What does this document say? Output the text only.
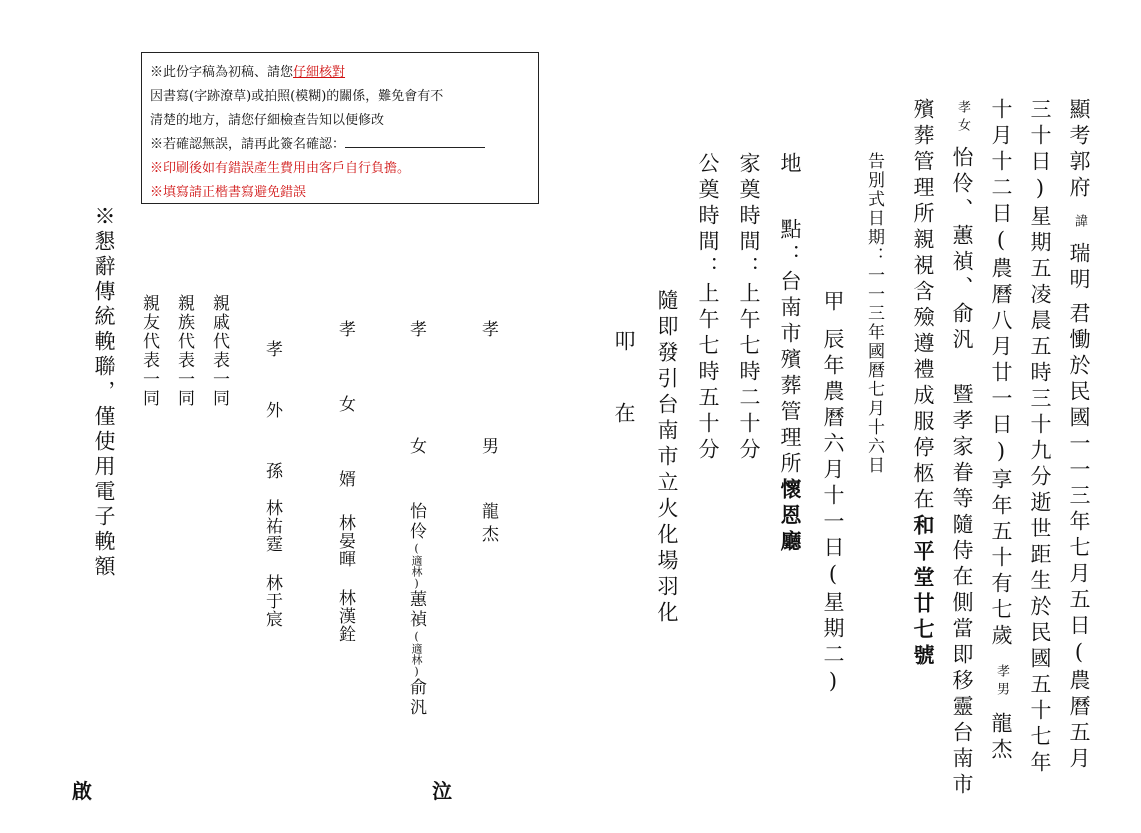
※此份字稿為初稿、請您仔細核對
因書寫(字跡潦草)或拍照(模糊)的關係，難免會有不
清楚的地方，請您仔細檢查告知以便修改
※若確認無誤，請再此簽名確認：
※印刷後如有錯誤產生費用由客戶自行負擔。
※填寫請正楷書寫避免錯誤	顯考郭府諱瑞明君慟於民國一一三年七月五日(農曆五月
三十日)星期五凌晨五時三十九分逝世距生於民國五十七年
十月十二日(農曆八月廿一日)享年五十有七歲孝男龍杰
孝女怡伶、蕙禎、俞汎 暨孝家眷等隨侍在側當即移靈台南市
殯葬管理所親視含殮遵禮成服停柩在和平堂廿七號
告別式日期：一一三年國曆七月十六日
甲辰年農曆六月十一日(星期二)
地點：台南市殯葬管理所懷恩廳
家奠時間：上午七時二十分
公奠時間：上午七時五十分
隨即發引台南市立火化場羽化
叩在
孝 男龍杰
孝 女怡伶(適林)蕙禎(適林)俞汎
孝 女 婿林晏暉 林漢銓
孝 外 孫林祐霆 林于宸
親戚代表一同
親族代表一同
親友代表一同
※懇辭傳統輓聯，僅使用電子輓額
啟	泣
